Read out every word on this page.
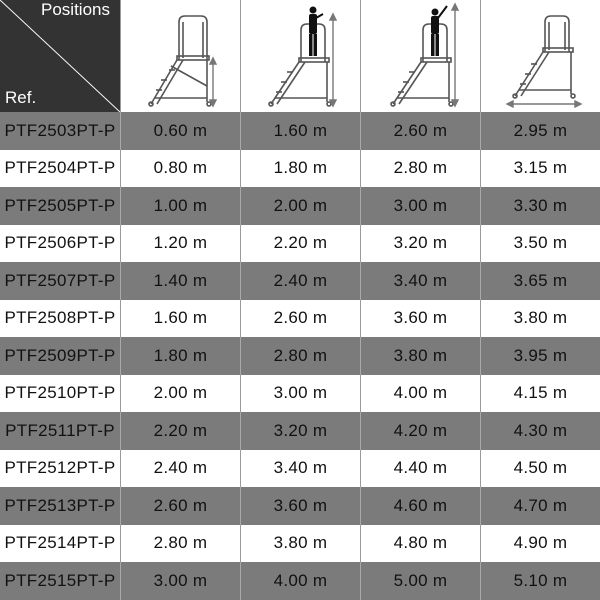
Positions
Ref.
PTF2503PT-P	0.60 m	1.60 m	2.60 m	2.95 m
PTF2504PT-P	0.80 m	1.80 m	2.80 m	3.15 m
PTF2505PT-P	1.00 m	2.00 m	3.00 m	3.30 m
PTF2506PT-P	1.20 m	2.20 m	3.20 m	3.50 m
PTF2507PT-P	1.40 m	2.40 m	3.40 m	3.65 m
PTF2508PT-P	1.60 m	2.60 m	3.60 m	3.80 m
PTF2509PT-P	1.80 m	2.80 m	3.80 m	3.95 m
PTF2510PT-P	2.00 m	3.00 m	4.00 m	4.15 m
PTF2511PT-P	2.20 m	3.20 m	4.20 m	4.30 m
PTF2512PT-P	2.40 m	3.40 m	4.40 m	4.50 m
PTF2513PT-P	2.60 m	3.60 m	4.60 m	4.70 m
PTF2514PT-P	2.80 m	3.80 m	4.80 m	4.90 m
PTF2515PT-P	3.00 m	4.00 m	5.00 m	5.10 m
